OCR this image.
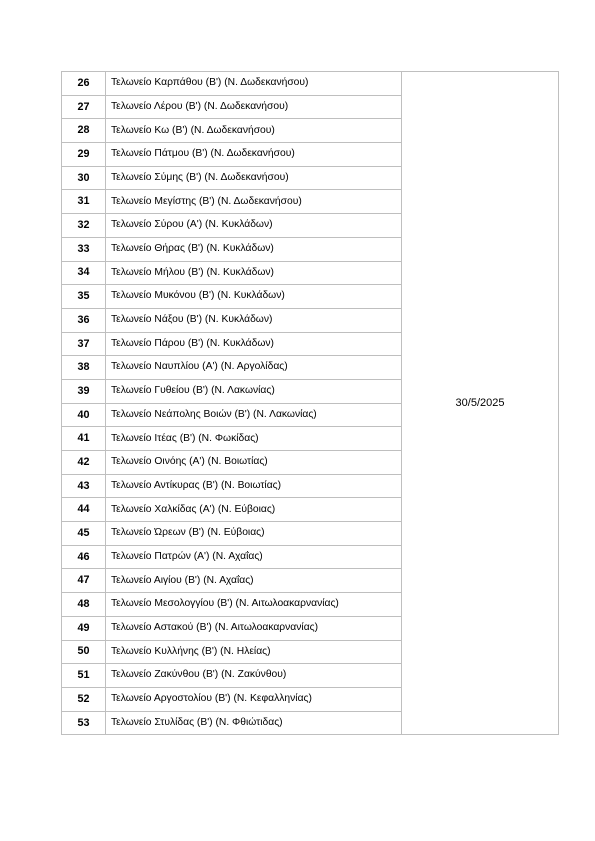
26	Τελωνείο Καρπάθου (Β') (Ν. Δωδεκανήσου)	30/5/2025
27	Τελωνείο Λέρου (Β') (Ν. Δωδεκανήσου)	
28	Τελωνείο Κω (Β') (Ν. Δωδεκανήσου)	
29	Τελωνείο Πάτμου (Β') (Ν. Δωδεκανήσου)	
30	Τελωνείο Σύμης (Β') (Ν. Δωδεκανήσου)	
31	Τελωνείο Μεγίστης (Β') (Ν. Δωδεκανήσου)	
32	Τελωνείο Σύρου (Α') (Ν. Κυκλάδων)	
33	Τελωνείο Θήρας (Β') (Ν. Κυκλάδων)	
34	Τελωνείο Μήλου (Β') (Ν. Κυκλάδων)	
35	Τελωνείο Μυκόνου (Β') (Ν. Κυκλάδων)	
36	Τελωνείο Νάξου (Β') (Ν. Κυκλάδων)	
37	Τελωνείο Πάρου (Β') (Ν. Κυκλάδων)	
38	Τελωνείο Ναυπλίου (Α') (Ν. Αργολίδας)	
39	Τελωνείο Γυθείου (Β') (Ν. Λακωνίας)	
40	Τελωνείο Νεάπολης Βοιών (Β') (Ν. Λακωνίας)	
41	Τελωνείο Ιτέας (Β') (Ν. Φωκίδας)	
42	Τελωνείο Οινόης (Α') (Ν. Βοιωτίας)	
43	Τελωνείο Αντίκυρας (Β') (Ν. Βοιωτίας)	
44	Τελωνείο Χαλκίδας (Α') (Ν. Εύβοιας)	
45	Τελωνείο Ώρεων (Β') (Ν. Εύβοιας)	
46	Τελωνείο Πατρών (Α') (Ν. Αχαΐας)	
47	Τελωνείο Αιγίου (Β') (Ν. Αχαΐας)	
48	Τελωνείο Μεσολογγίου (Β') (Ν. Αιτωλοακαρνανίας)	
49	Τελωνείο Αστακού (Β') (Ν. Αιτωλοακαρνανίας)	
50	Τελωνείο Κυλλήνης (Β') (Ν. Ηλείας)	
51	Τελωνείο Ζακύνθου (Β') (Ν. Ζακύνθου)	
52	Τελωνείο Αργοστολίου (Β') (Ν. Κεφαλληνίας)	
53	Τελωνείο Στυλίδας (Β') (Ν. Φθιώτιδας)	
